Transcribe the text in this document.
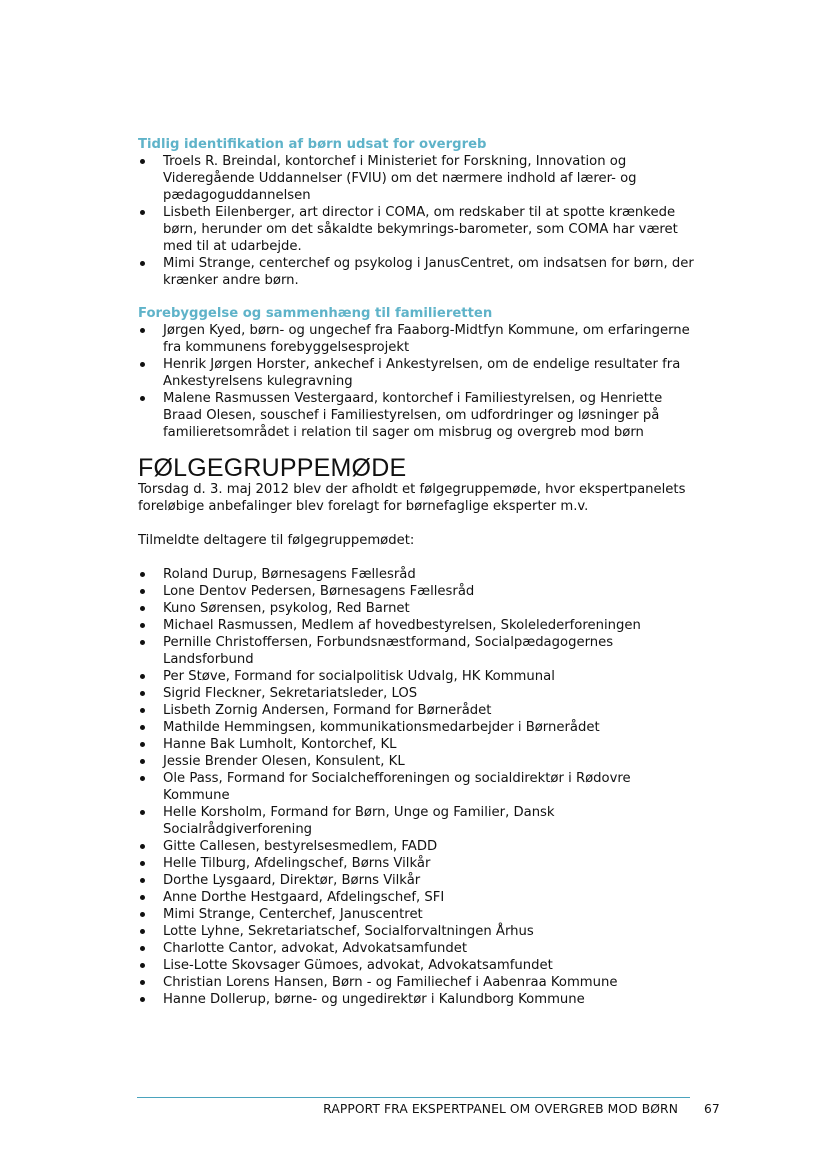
Tidlig identifikation af børn udsat for overgreb
Troels R. Breindal, kontorchef i Ministeriet for Forskning, Innovation og Videregående Uddannelser (FVIU) om det nærmere indhold af lærer- og pædagoguddannelsen
Lisbeth Eilenberger, art director i COMA, om redskaber til at spotte krænkede børn, herunder om det såkaldte bekymrings-barometer, som COMA har været med til at udarbejde.
Mimi Strange, centerchef og psykolog i JanusCentret, om indsatsen for børn, der krænker andre børn.
Forebyggelse og sammenhæng til familieretten
Jørgen Kyed, børn- og ungechef fra Faaborg-Midtfyn Kommune, om erfaringerne fra kommunens forebyggelsesprojekt
Henrik Jørgen Horster, ankechef i Ankestyrelsen, om de endelige resultater fra Ankestyrelsens kulegravning
Malene Rasmussen Vestergaard, kontorchef i Familiestyrelsen, og Henriette Braad Olesen, souschef i Familiestyrelsen, om udfordringer og løsninger på familieretsområdet i relation til sager om misbrug og overgreb mod børn
FØLGEGRUPPEMØDE

Torsdag d. 3. maj 2012 blev der afholdt et følgegruppemøde, hvor ekspertpanelets foreløbige anbefalinger blev forelagt for børnefaglige eksperter m.v.

Tilmeldte deltagere til følgegruppemødet:

Roland Durup, Børnesagens Fællesråd
Lone Dentov Pedersen, Børnesagens Fællesråd
Kuno Sørensen, psykolog, Red Barnet
Michael Rasmussen, Medlem af hovedbestyrelsen, Skolelederforeningen
Pernille Christoffersen, Forbundsnæstformand, Socialpædagogernes Landsforbund
Per Støve, Formand for socialpolitisk Udvalg, HK Kommunal
Sigrid Fleckner, Sekretariatsleder, LOS
Lisbeth Zornig Andersen, Formand for Børnerådet
Mathilde Hemmingsen, kommunikationsmedarbejder i Børnerådet
Hanne Bak Lumholt, Kontorchef, KL
Jessie Brender Olesen, Konsulent, KL
Ole Pass, Formand for Socialchefforeningen og socialdirektør i Rødovre Kommune
Helle Korsholm, Formand for Børn, Unge og Familier, Dansk Socialrådgiverforening
Gitte Callesen, bestyrelsesmedlem, FADD
Helle Tilburg, Afdelingschef, Børns Vilkår
Dorthe Lysgaard, Direktør, Børns Vilkår
Anne Dorthe Hestgaard, Afdelingschef, SFI
Mimi Strange, Centerchef, Januscentret
Lotte Lyhne, Sekretariatschef, Socialforvaltningen Århus
Charlotte Cantor, advokat, Advokatsamfundet
Lise-Lotte Skovsager Gümoes, advokat, Advokatsamfundet
Christian Lorens Hansen, Børn - og Familiechef i Aabenraa Kommune
Hanne Dollerup, børne- og ungedirektør i Kalundborg Kommune
RAPPORT FRA EKSPERTPANEL OM OVERGREB MOD BØRN 67
